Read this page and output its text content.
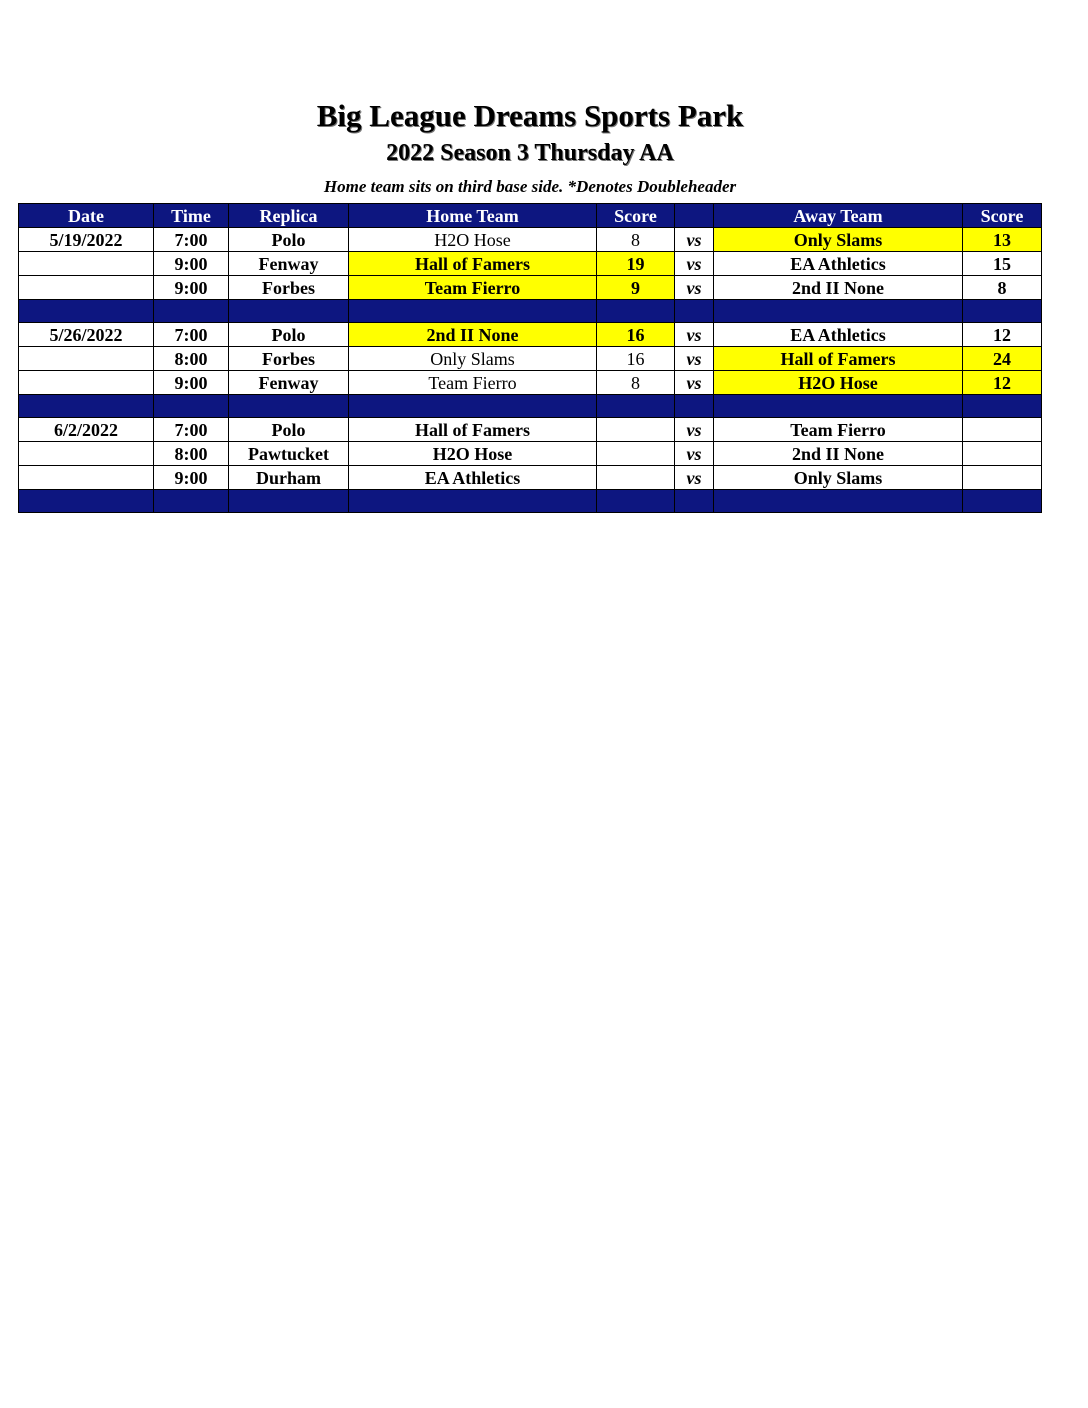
Big League Dreams Sports Park
2022 Season 3 Thursday AA
Home team sits on third base side. *Denotes Doubleheader
Date	Time	Replica	Home Team	Score		Away Team	Score
5/19/2022	7:00	Polo	H2O Hose	8	vs	Only Slams	13
	9:00	Fenway	Hall of Famers	19	vs	EA Athletics	15
	9:00	Forbes	Team Fierro	9	vs	2nd II None	8

5/26/2022	7:00	Polo	2nd II None	16	vs	EA Athletics	12
	8:00	Forbes	Only Slams	16	vs	Hall of Famers	24
	9:00	Fenway	Team Fierro	8	vs	H2O Hose	12

6/2/2022	7:00	Polo	Hall of Famers		vs	Team Fierro	
	8:00	Pawtucket	H2O Hose		vs	2nd II None	
	9:00	Durham	EA Athletics		vs	Only Slams	
